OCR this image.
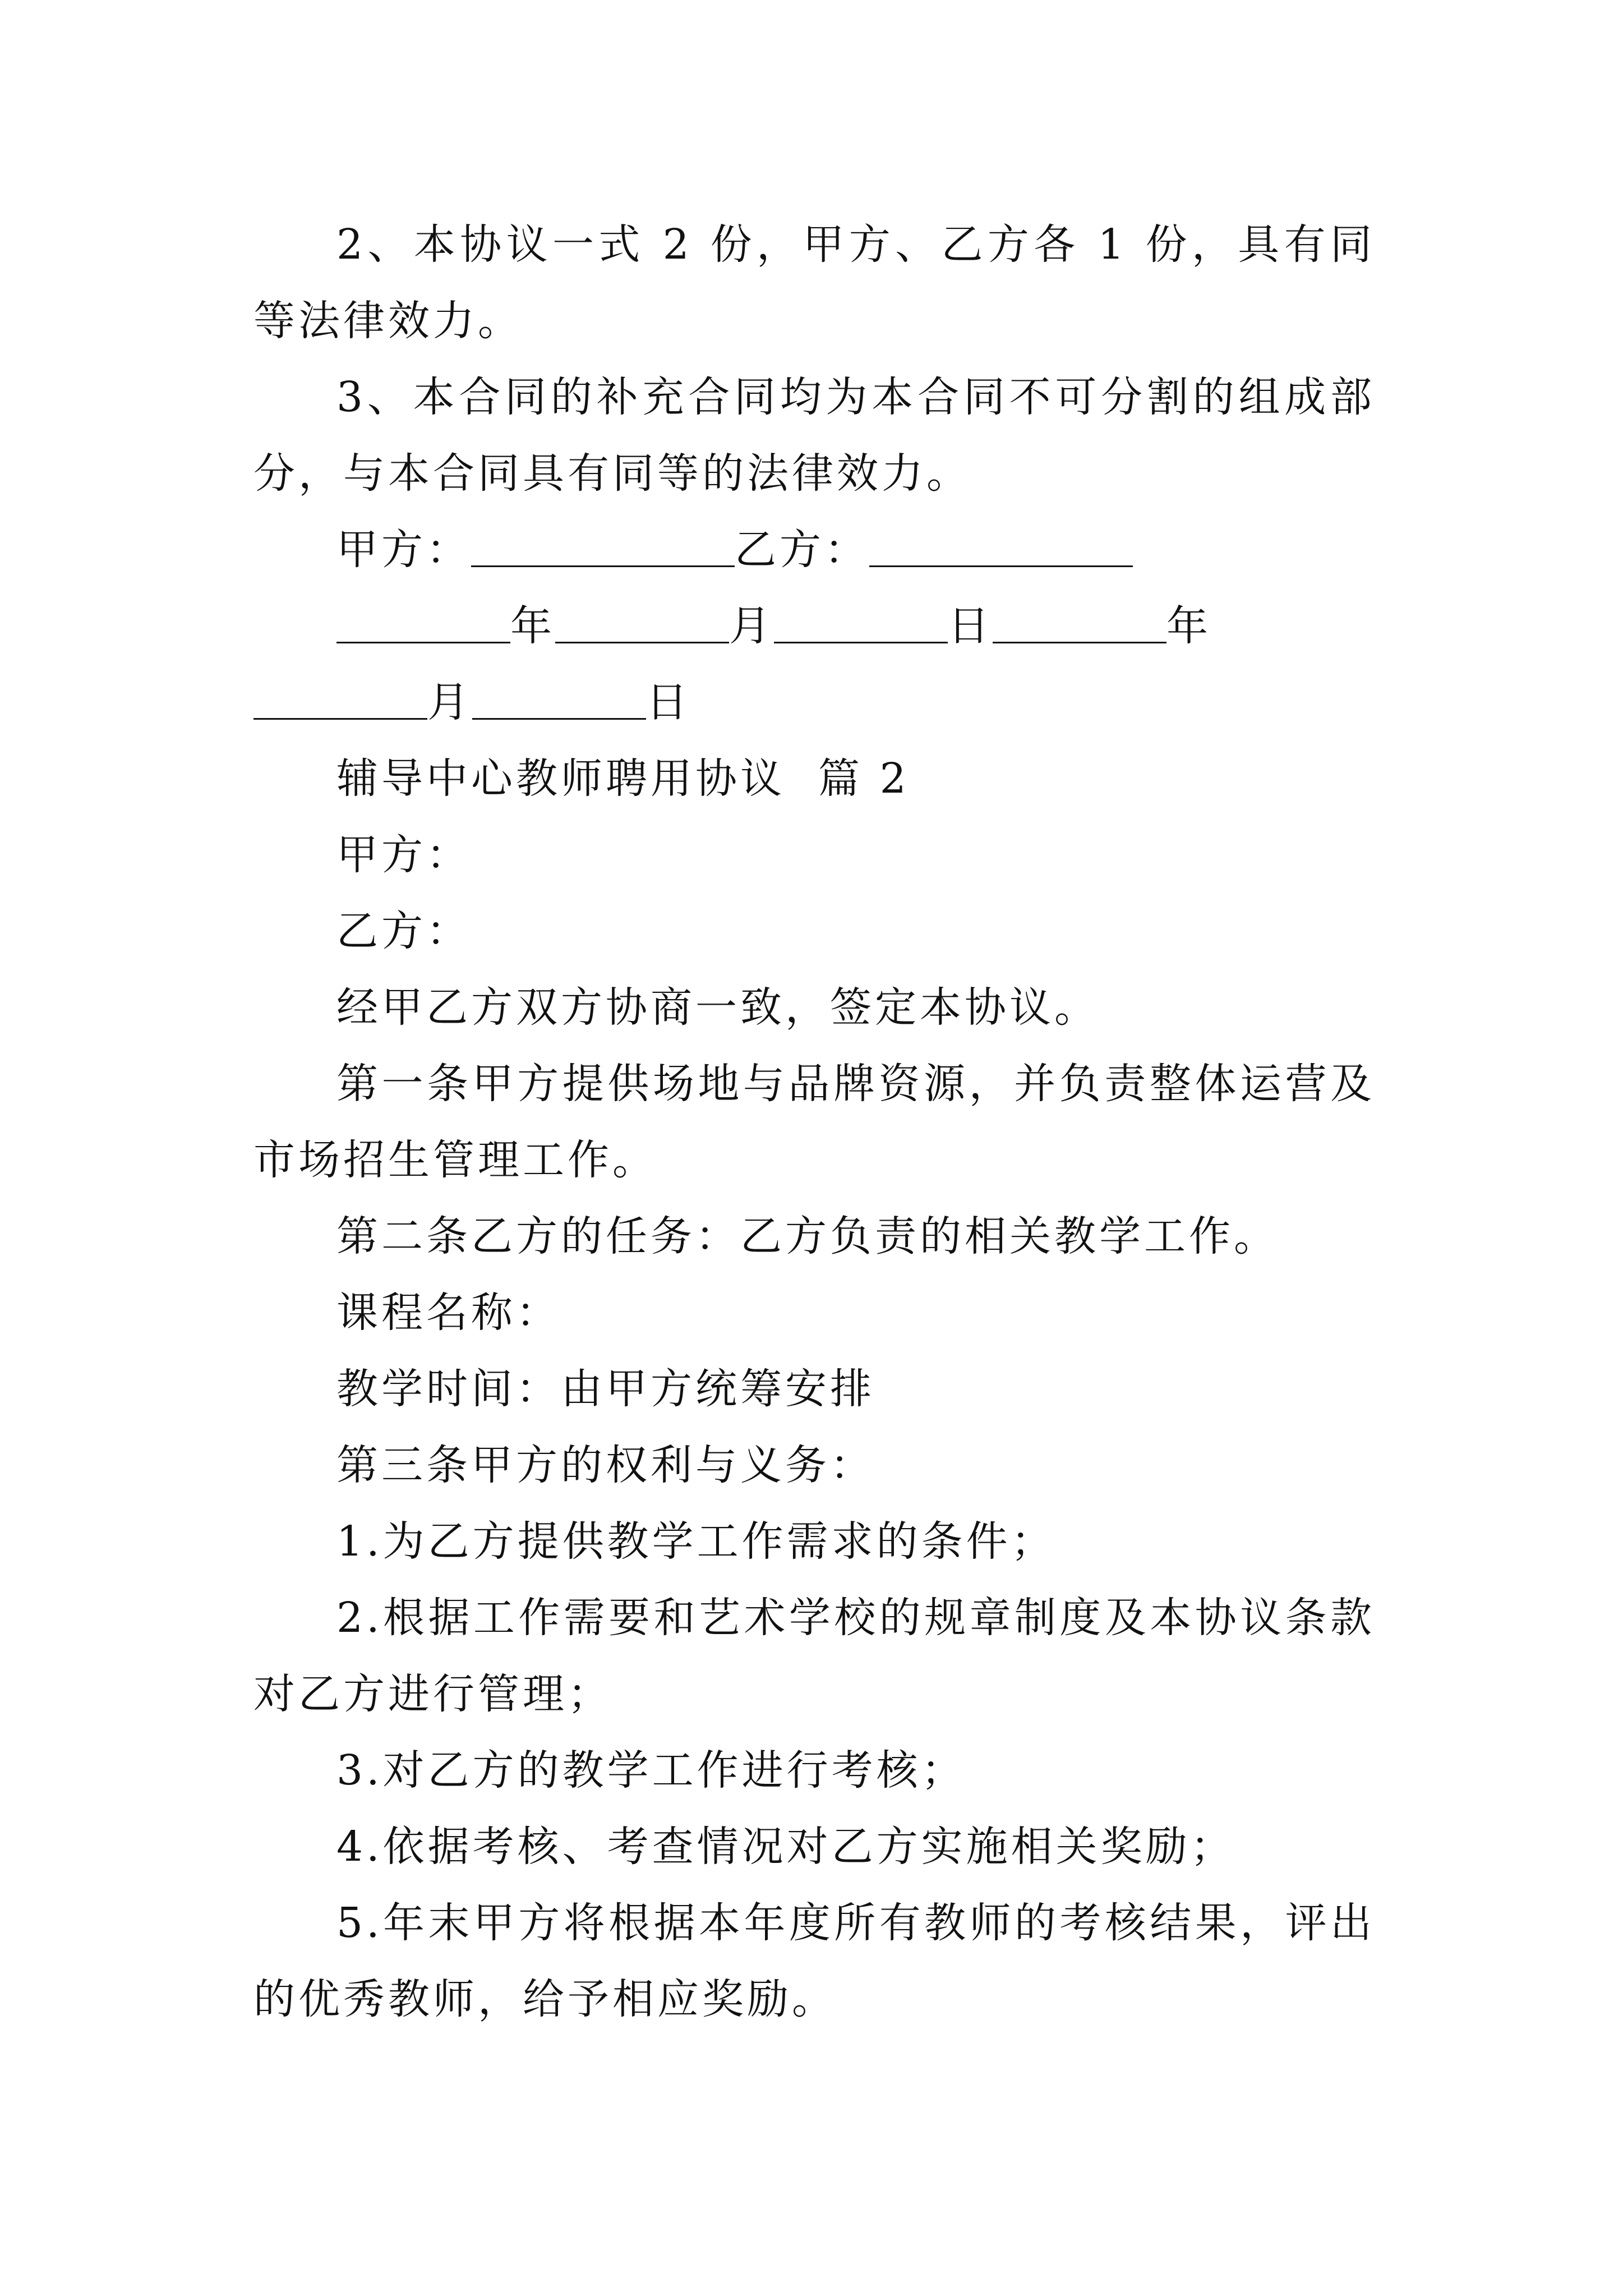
2、本协议一式 2 份，甲方、乙方各 1 份，具有同等法律效力。

3、本合同的补充合同均为本合同不可分割的组成部分，与本合同具有同等的法律效力。

甲方：	乙方：

年	月	日	年月	日

辅导中心教师聘用协议  篇 2

甲方：

乙方：

经甲乙方双方协商一致，签定本协议。

第一条甲方提供场地与品牌资源，并负责整体运营及市场招生管理工作。

第二条乙方的任务：乙方负责的相关教学工作。

课程名称：

教学时间：由甲方统筹安排

第三条甲方的权利与义务：

1.为乙方提供教学工作需求的条件；

2.根据工作需要和艺术学校的规章制度及本协议条款对乙方进行管理；

3.对乙方的教学工作进行考核；

4.依据考核、考查情况对乙方实施相关奖励；

5.年末甲方将根据本年度所有教师的考核结果，评出的优秀教师，给予相应奖励。
